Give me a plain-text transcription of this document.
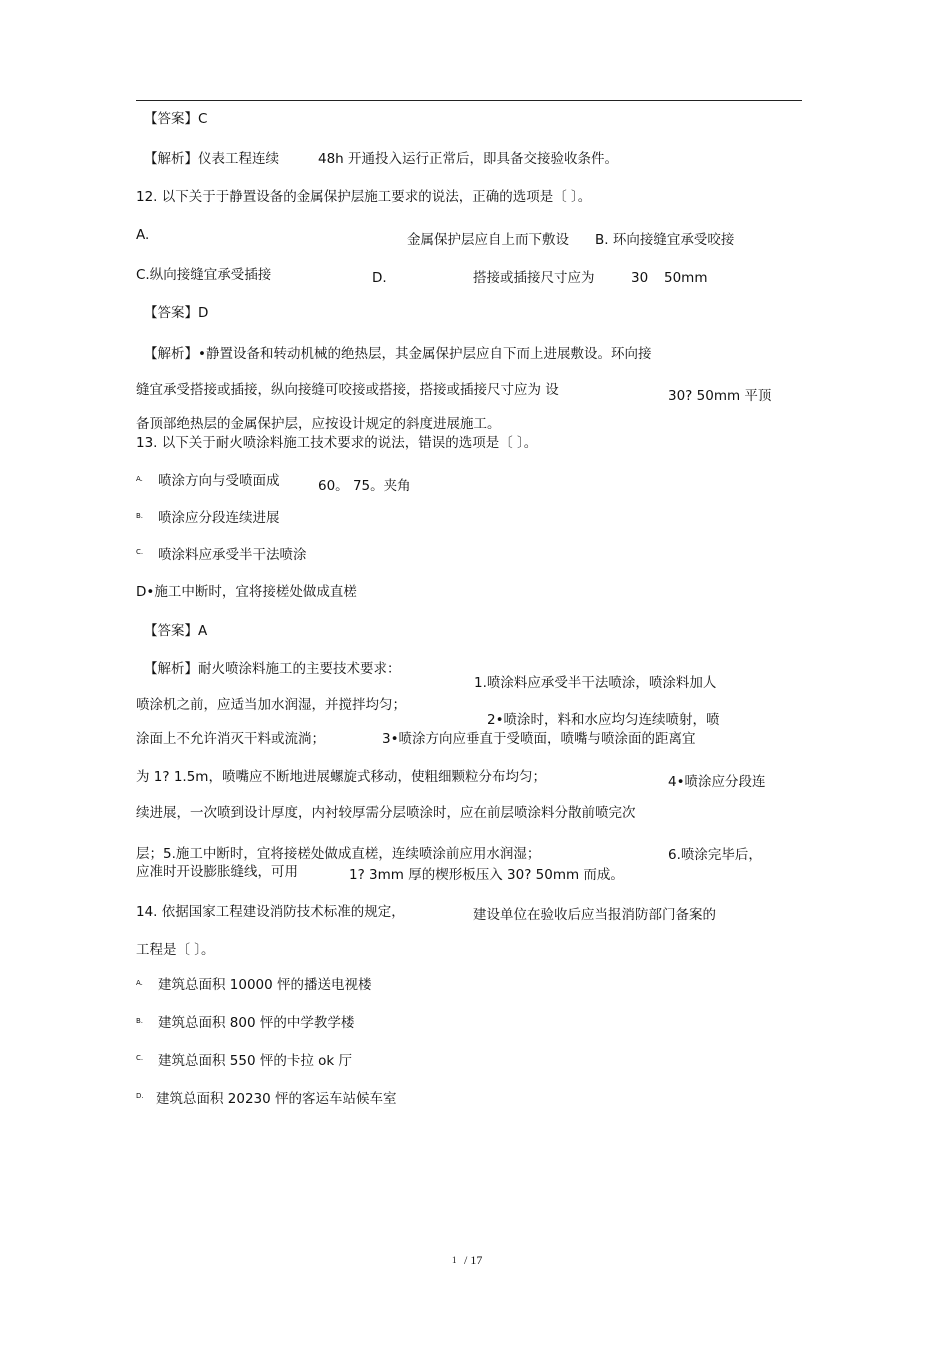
【答案】C
【解析】仪表工程连续	48h 开通投入运行正常后，即具备交接验收条件。
12. 以下关于于静置设备的金属保护层施工要求的说法，正确的选项是〔 〕。
A.	金属保护层应自上而下敷设 B. 环向接缝宜承受咬接
C.纵向接缝宜承受插接	D.	搭接或插接尺寸应为	30 50mm
【答案】D
【解析】•静置设备和转动机械的绝热层，其金属保护层应自下而上进展敷设。环向接
缝宜承受搭接或插接，纵向接缝可咬接或搭接，搭接或插接尺寸应为 设	30? 50mm 平顶
备顶部绝热层的金属保护层，应按设计规定的斜度进展施工。
13. 以下关于耐火喷涂料施工技术要求的说法，错误的选项是〔 〕。
A. 喷涂方向与受喷面成	60。 75。夹角
B. 喷涂应分段连续进展
C. 喷涂料应承受半干法喷涂
D•施工中断时，宜将接槎处做成直槎
【答案】A
【解析】耐火喷涂料施工的主要技术要求：
1.喷涂料应承受半干法喷涂，喷涂料加人
喷涂机之前，应适当加水润湿，并搅拌均匀；
2•喷涂时，料和水应均匀连续喷射，喷
涂面上不允许消灭干料或流淌；	3•喷涂方向应垂直于受喷面，喷嘴与喷涂面的距离宜
为 1? 1.5m，喷嘴应不断地进展螺旋式移动，使粗细颗粒分布均匀；	4•喷涂应分段连
续进展，一次喷到设计厚度，内衬较厚需分层喷涂时，应在前层喷涂料分散前喷完次
层；5.施工中断时，宜将接槎处做成直槎，连续喷涂前应用水润湿；	6.喷涂完毕后，
应准时开设膨胀缝线，可用	1? 3mm 厚的楔形板压入 30? 50mm 而成。
14. 依据国家工程建设消防技术标准的规定，	建设单位在验收后应当报消防部门备案的
工程是〔 〕。
A. 建筑总面积 10000 怦的播送电视楼
B. 建筑总面积 800 怦的中学教学楼
C. 建筑总面积 550 怦的卡拉 ok 厅
D. 建筑总面积 20230 怦的客运车站候车室
1 / 17
